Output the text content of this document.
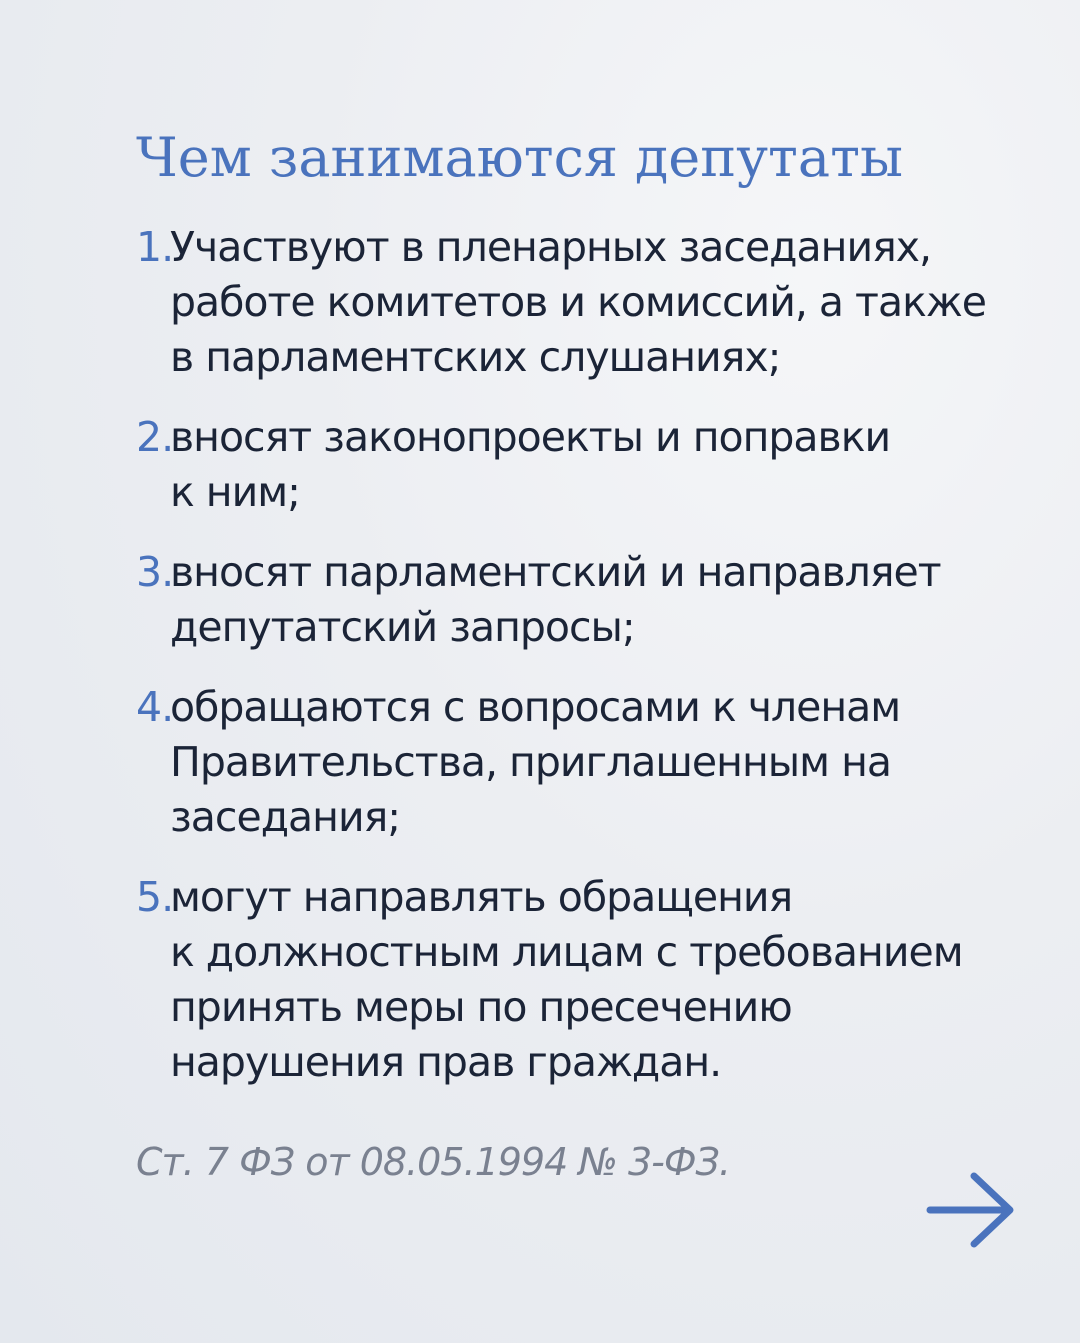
Чем занимаются депутаты
1 . Участвуют в пленарных заседаниях,
работе комитетов и комиссий, а также
в парламентских слушаниях;
2 . вносят законопроекты и поправки
к ним;
3 . вносят парламентский и направляет
депутатский запросы;
4 . обращаются с вопросами к членам
Правительства, приглашенным на
заседания;
5 . могут направлять обращения
к должностным лицам с требованием
принять меры по пресечению
нарушения прав граждан.

Ст. 7 ФЗ от 08.05.1994 № 3-ФЗ.
